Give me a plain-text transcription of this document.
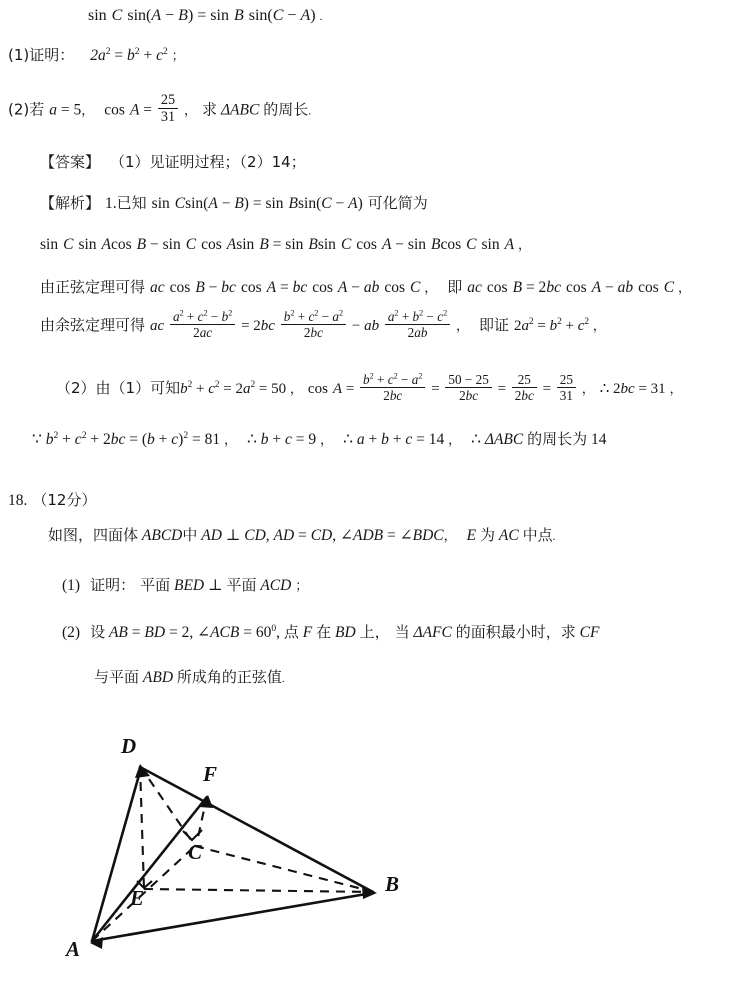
sin C sin(A − B) = sin B sin(C − A) .
(1)证明： $2a^2 = b^2 + c^2$ ；
(2)若 a = 5， $\cos A = \frac{25}{31}$ ， 求 ΔABC 的周长.
【答案】 （1）见证明过程；（2）14；
【解析】 1.已知 sin Csin(A − B) = sin Bsin(C − A) 可化简为
sin C sin Acos B − sin C cos Asin B = sin Bsin C cos A − sin Bcos C sin A ，
由正弦定理可得 ac cos B − bc cos A = bc cos A − ab cos C ， 即 ac cos B = 2bc cos A − ab cos C ，
由余弦定理可得 ac $\frac{a^2 + c^2 - b^2}{2ac} = 2bc \frac{b^2 + c^2 - a^2}{2bc}$ − ab $\frac{a^2 + b^2 - c^2}{2ab}$ ， 即证 $2a^2 = b^2 + c^2$ ，
（2）由（1）可知$b^2 + c^2 = 2a^2 = 50$ ， $\cos A = \frac{b^2 + c^2 - a^2}{2bc} = \frac{50 - 25}{2bc} = \frac{25}{2bc} = \frac{25}{31}$ ， ∴ 2bc = 31 ，
∵ $b^2 + c^2 + 2bc = (b + c)^2 = 81$ ， ∴ b + c = 9 ， ∴ a + b + c = 14 ， ∴ ΔABC 的周长为 14
18. （12分）
如图，四面体 ABCD中 AD ⊥ CD, AD = CD, ∠ADB = ∠BDC， E 为 AC 中点.
(1) 证明： 平面 BED ⊥ 平面 ACD ；
(2) 设 AB = BD = 2, ∠ACB = $60^0$, 点 F 在 BD 上， 当 ΔAFC 的面积最小时，求 CF
与平面 ABD 所成角的正弦值.
D
F
C
E
B
A
